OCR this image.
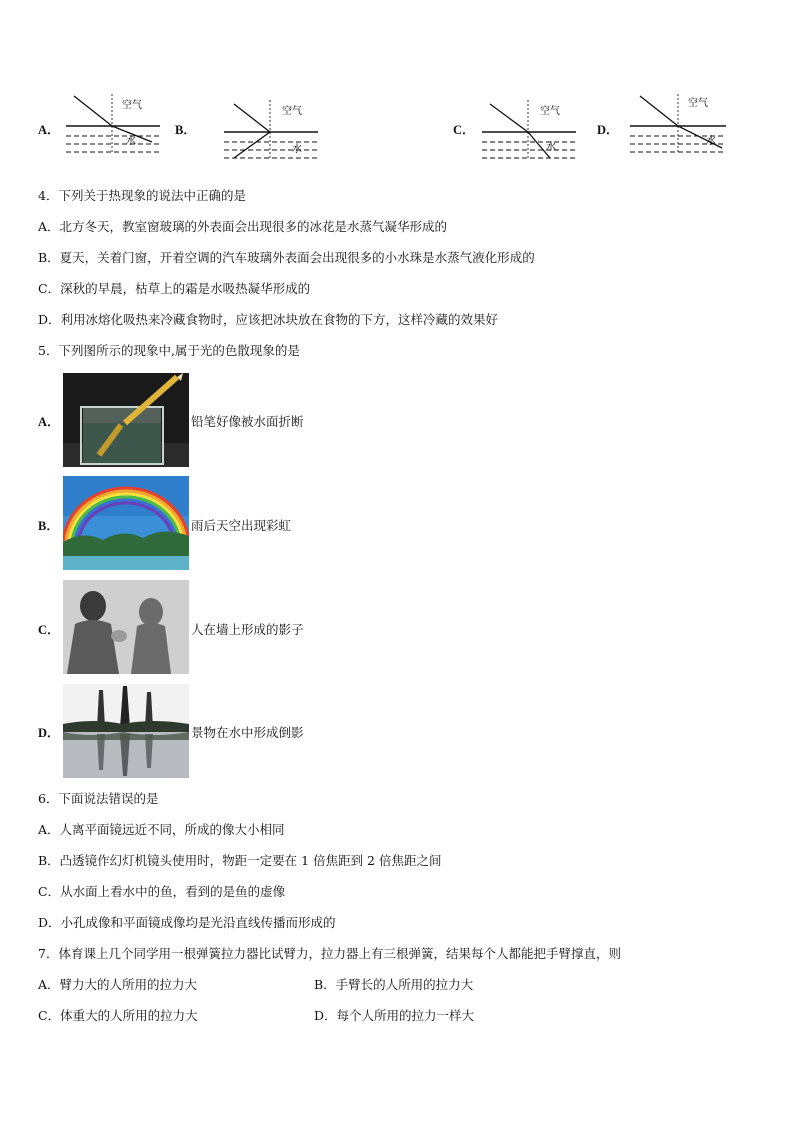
A．
空气
水
B．
空气
水
C．
空气
水
D．
空气
水
4．下列关于热现象的说法中正确的是
A．北方冬天，教室窗玻璃的外表面会出现很多的冰花是水蒸气凝华形成的
B．夏天，关着门窗，开着空调的汽车玻璃外表面会出现很多的小水珠是水蒸气液化形成的
C．深秋的早晨，枯草上的霜是水吸热凝华形成的
D．利用冰熔化吸热来冷藏食物时，应该把冰块放在食物的下方，这样冷藏的效果好
5．下列图所示的现象中,属于光的色散现象的是
A．	铅笔好像被水面折断
B．	雨后天空出现彩虹
C．	人在墙上形成的影子
D．	景物在水中形成倒影
6．下面说法错误的是
A．人离平面镜远近不同，所成的像大小相同
B．凸透镜作幻灯机镜头使用时，物距一定要在 1 倍焦距到 2 倍焦距之间
C．从水面上看水中的鱼，看到的是鱼的虚像
D．小孔成像和平面镜成像均是光沿直线传播而形成的
7．体育课上几个同学用一根弹簧拉力器比试臂力，拉力器上有三根弹簧，结果每个人都能把手臂撑直，则
A．臂力大的人所用的拉力大	B．手臂长的人所用的拉力大
C．体重大的人所用的拉力大	D．每个人所用的拉力一样大
